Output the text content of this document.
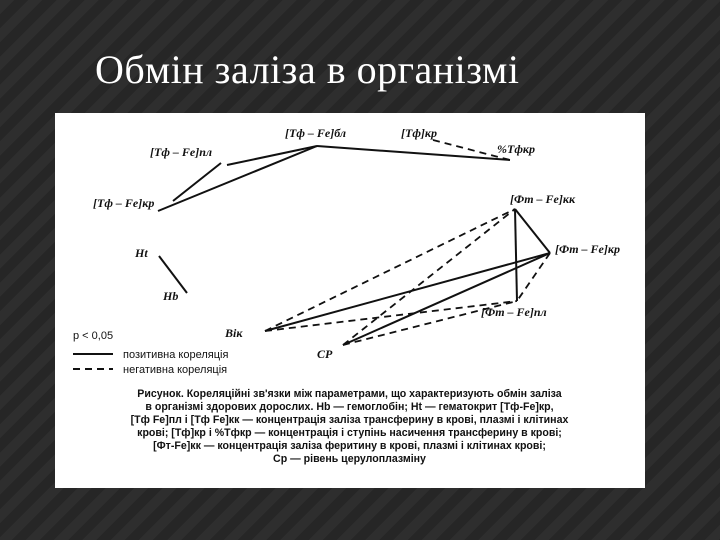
Обмін заліза в організмі
[Тф – Fe]бл	[Тф]кр
%Тфкр
[Тф – Fe]пл
[Тф – Fe]кр	[Фт – Fe]кк
[Фт – Fe]кр
[Фт – Fe]пл
Ht
Hb
Вік
СР
p < 0,05
позитивна кореляція
негативна кореляція
Рисунок. Кореляційні зв'язки між параметрами, що характеризують обмін заліза
в організмі здорових дорослих. Hb — гемоглобін; Ht — гематокрит [Тф-Fe]кр,
[Тф Fe]пл і [Тф Fe]кк — концентрація заліза трансферину в крові, плазмі і клітинах
крові; [Тф]кр і %Тфкр — концентрація і ступінь насичення трансферину в крові;
[Фт-Fe]кк — концентрація заліза феритину в крові, плазмі і клітинах крові;
Ср — рівень церулоплазміну
